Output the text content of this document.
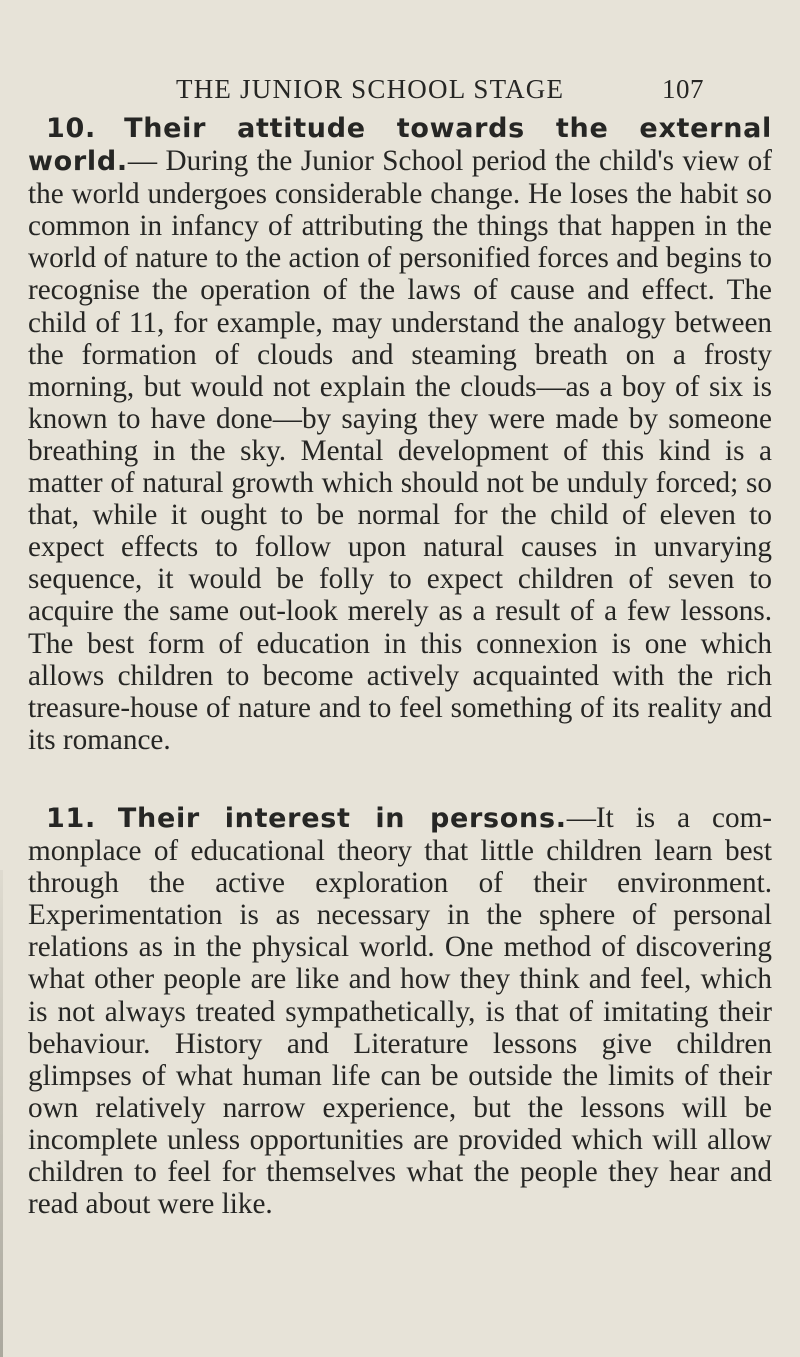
THE JUNIOR SCHOOL STAGE	107

10. Their attitude towards the external world.— During the Junior School period the child's view of the world undergoes considerable change. He loses the habit so common in infancy of attributing the things that happen in the world of nature to the action of personified forces and begins to recognise the operation of the laws of cause and effect. The child of 11, for example, may understand the analogy between the formation of clouds and steaming breath on a frosty morning, but would not explain the clouds—as a boy of six is known to have done—by saying they were made by someone breathing in the sky. Mental development of this kind is a matter of natural growth which should not be unduly forced; so that, while it ought to be normal for the child of eleven to expect effects to follow upon natural causes in unvarying sequence, it would be folly to expect children of seven to acquire the same out-look merely as a result of a few lessons. The best form of education in this connexion is one which allows children to become actively acquainted with the rich treasure-house of nature and to feel something of its reality and its romance.

11. Their interest in persons.—It is a com-monplace of educational theory that little children learn best through the active exploration of their environment. Experimentation is as necessary in the sphere of personal relations as in the physical world. One method of discovering what other people are like and how they think and feel, which is not always treated sympathetically, is that of imitating their behaviour. History and Literature lessons give children glimpses of what human life can be outside the limits of their own relatively narrow experience, but the lessons will be incomplete unless opportunities are provided which will allow children to feel for themselves what the people they hear and read about were like.
